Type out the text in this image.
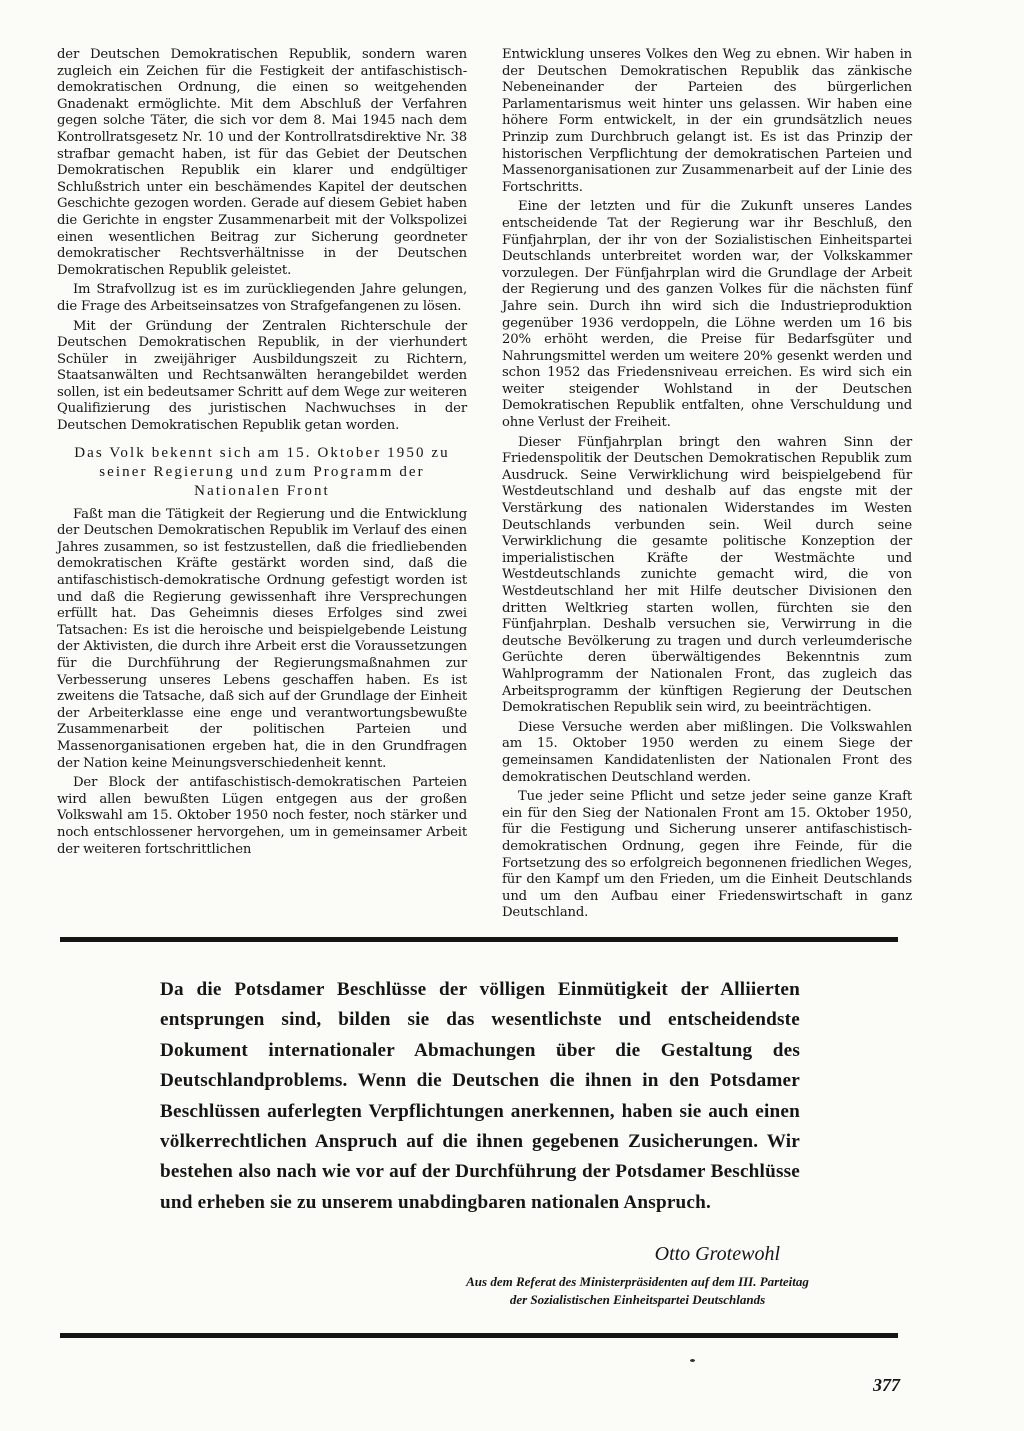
der Deutschen Demokratischen Republik, sondern waren zugleich ein Zeichen für die Festigkeit der antifaschistisch-demokratischen Ordnung, die einen so weitgehenden Gnadenakt ermöglichte. Mit dem Abschluß der Verfahren gegen solche Täter, die sich vor dem 8. Mai 1945 nach dem Kontrollratsgesetz Nr. 10 und der Kontrollratsdirektive Nr. 38 strafbar gemacht haben, ist für das Gebiet der Deutschen Demokratischen Republik ein klarer und endgültiger Schlußstrich unter ein beschämendes Kapitel der deutschen Geschichte gezogen worden. Gerade auf diesem Gebiet haben die Gerichte in engster Zusammenarbeit mit der Volkspolizei einen wesentlichen Beitrag zur Sicherung geordneter demokratischer Rechtsverhältnisse in der Deutschen Demokratischen Republik geleistet.

Im Strafvollzug ist es im zurückliegenden Jahre gelungen, die Frage des Arbeitseinsatzes von Strafgefangenen zu lösen.

Mit der Gründung der Zentralen Richterschule der Deutschen Demokratischen Republik, in der vierhundert Schüler in zweijähriger Ausbildungszeit zu Richtern, Staatsanwälten und Rechtsanwälten herangebildet werden sollen, ist ein bedeutsamer Schritt auf dem Wege zur weiteren Qualifizierung des juristischen Nachwuchses in der Deutschen Demokratischen Republik getan worden.

Das Volk bekennt sich am 15. Oktober 1950 zu seiner Regierung und zum Programm der Nationalen Front

Faßt man die Tätigkeit der Regierung und die Entwicklung der Deutschen Demokratischen Republik im Verlauf des einen Jahres zusammen, so ist festzustellen, daß die friedliebenden demokratischen Kräfte gestärkt worden sind, daß die antifaschistisch-demokratische Ordnung gefestigt worden ist und daß die Regierung gewissenhaft ihre Versprechungen erfüllt hat. Das Geheimnis dieses Erfolges sind zwei Tatsachen: Es ist die heroische und beispielgebende Leistung der Aktivisten, die durch ihre Arbeit erst die Voraussetzungen für die Durchführung der Regierungsmaßnahmen zur Verbesserung unseres Lebens geschaffen haben. Es ist zweitens die Tatsache, daß sich auf der Grundlage der Einheit der Arbeiterklasse eine enge und verantwortungsbewußte Zusammenarbeit der politischen Parteien und Massenorganisationen ergeben hat, die in den Grundfragen der Nation keine Meinungsverschiedenheit kennt.

Der Block der antifaschistisch-demokratischen Parteien wird allen bewußten Lügen entgegen aus der großen Volkswahl am 15. Oktober 1950 noch fester, noch stärker und noch entschlossener hervorgehen, um in gemeinsamer Arbeit der weiteren fortschrittlichen

Entwicklung unseres Volkes den Weg zu ebnen. Wir haben in der Deutschen Demokratischen Republik das zänkische Nebeneinander der Parteien des bürgerlichen Parlamentarismus weit hinter uns gelassen. Wir haben eine höhere Form entwickelt, in der ein grundsätzlich neues Prinzip zum Durchbruch gelangt ist. Es ist das Prinzip der historischen Verpflichtung der demokratischen Parteien und Massenorganisationen zur Zusammenarbeit auf der Linie des Fortschritts.

Eine der letzten und für die Zukunft unseres Landes entscheidende Tat der Regierung war ihr Beschluß, den Fünfjahrplan, der ihr von der Sozialistischen Einheitspartei Deutschlands unterbreitet worden war, der Volkskammer vorzulegen. Der Fünfjahrplan wird die Grundlage der Arbeit der Regierung und des ganzen Volkes für die nächsten fünf Jahre sein. Durch ihn wird sich die Industrieproduktion gegenüber 1936 verdoppeln, die Löhne werden um 16 bis 20% erhöht werden, die Preise für Bedarfsgüter und Nahrungsmittel werden um weitere 20% gesenkt werden und schon 1952 das Friedensniveau erreichen. Es wird sich ein weiter steigender Wohlstand in der Deutschen Demokratischen Republik entfalten, ohne Verschuldung und ohne Verlust der Freiheit.

Dieser Fünfjahrplan bringt den wahren Sinn der Friedenspolitik der Deutschen Demokratischen Republik zum Ausdruck. Seine Verwirklichung wird beispielgebend für Westdeutschland und deshalb auf das engste mit der Verstärkung des nationalen Widerstandes im Westen Deutschlands verbunden sein. Weil durch seine Verwirklichung die gesamte politische Konzeption der imperialistischen Kräfte der Westmächte und Westdeutschlands zunichte gemacht wird, die von Westdeutschland her mit Hilfe deutscher Divisionen den dritten Weltkrieg starten wollen, fürchten sie den Fünfjahrplan. Deshalb versuchen sie, Verwirrung in die deutsche Bevölkerung zu tragen und durch verleumderische Gerüchte deren überwältigendes Bekenntnis zum Wahlprogramm der Nationalen Front, das zugleich das Arbeitsprogramm der künftigen Regierung der Deutschen Demokratischen Republik sein wird, zu beeinträchtigen.

Diese Versuche werden aber mißlingen. Die Volkswahlen am 15. Oktober 1950 werden zu einem Siege der gemeinsamen Kandidatenlisten der Nationalen Front des demokratischen Deutschland werden.

Tue jeder seine Pflicht und setze jeder seine ganze Kraft ein für den Sieg der Nationalen Front am 15. Oktober 1950, für die Festigung und Sicherung unserer antifaschistisch-demokratischen Ordnung, gegen ihre Feinde, für die Fortsetzung des so erfolgreich begonnenen friedlichen Weges, für den Kampf um den Frieden, um die Einheit Deutschlands und um den Aufbau einer Friedenswirtschaft in ganz Deutschland.

Da die Potsdamer Beschlüsse der völligen Einmütigkeit der Alliierten entsprungen sind, bilden sie das wesentlichste und entscheidendste Dokument internationaler Abmachungen über die Gestaltung des Deutschlandproblems. Wenn die Deutschen die ihnen in den Potsdamer Beschlüssen auferlegten Verpflichtungen anerkennen, haben sie auch einen völkerrechtlichen Anspruch auf die ihnen gegebenen Zusicherungen. Wir bestehen also nach wie vor auf der Durchführung der Potsdamer Beschlüsse und erheben sie zu unserem unabdingbaren nationalen Anspruch.

Otto Grotewohl
Aus dem Referat des Ministerpräsidenten auf dem III. Parteitag
der Sozialistischen Einheitspartei Deutschlands
377
